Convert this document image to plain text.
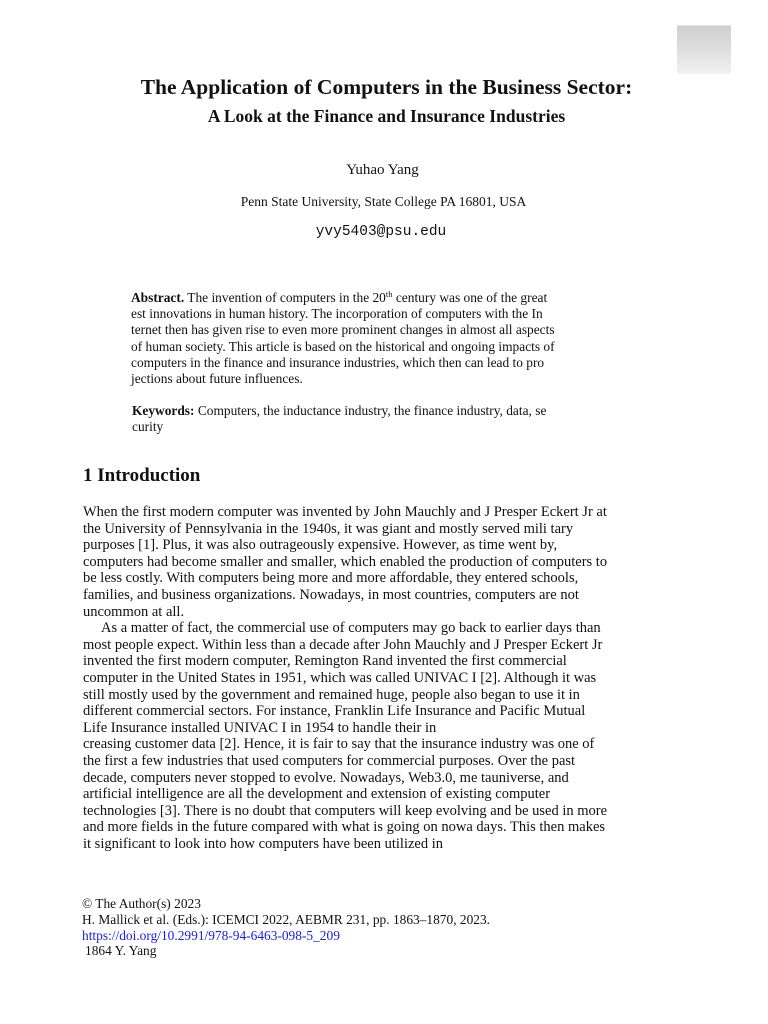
The Application of Computers in the Business Sector:
A Look at the Finance and Insurance Industries
Yuhao Yang
Penn State University, State College PA 16801, USA
yvy5403@psu.edu
Abstract. The invention of computers in the 20th century was one of the great
est innovations in human history. The incorporation of computers with the In
ternet then has given rise to even more prominent changes in almost all aspects
of human society. This article is based on the historical and ongoing impacts of
computers in the finance and insurance industries, which then can lead to pro
jections about future influences.
Keywords: Computers, the inductance industry, the finance industry, data, se
curity
1 Introduction
When the first modern computer was invented by John Mauchly and J Presper Eckert Jr at
the University of Pennsylvania in the 1940s, it was giant and mostly served mili tary
purposes [1]. Plus, it was also outrageously expensive. However, as time went by,
computers had become smaller and smaller, which enabled the production of computers to
be less costly. With computers being more and more affordable, they entered schools,
families, and business organizations. Nowadays, in most countries, computers are not
uncommon at all.
As a matter of fact, the commercial use of computers may go back to earlier days than
most people expect. Within less than a decade after John Mauchly and J Presper Eckert Jr
invented the first modern computer, Remington Rand invented the first commercial
computer in the United States in 1951, which was called UNIVAC I [2]. Although it was
still mostly used by the government and remained huge, people also began to use it in
different commercial sectors. For instance, Franklin Life Insurance and Pacific Mutual
Life Insurance installed UNIVAC I in 1954 to handle their in
creasing customer data [2]. Hence, it is fair to say that the insurance industry was one of
the first a few industries that used computers for commercial purposes. Over the past
decade, computers never stopped to evolve. Nowadays, Web3.0, me tauniverse, and
artificial intelligence are all the development and extension of existing computer
technologies [3]. There is no doubt that computers will keep evolving and be used in more
and more fields in the future compared with what is going on nowa days. This then makes
it significant to look into how computers have been utilized in
© The Author(s) 2023
H. Mallick et al. (Eds.): ICEMCI 2022, AEBMR 231, pp. 1863–1870, 2023.
https://doi.org/10.2991/978-94-6463-098-5_209
1864 Y. Yang
